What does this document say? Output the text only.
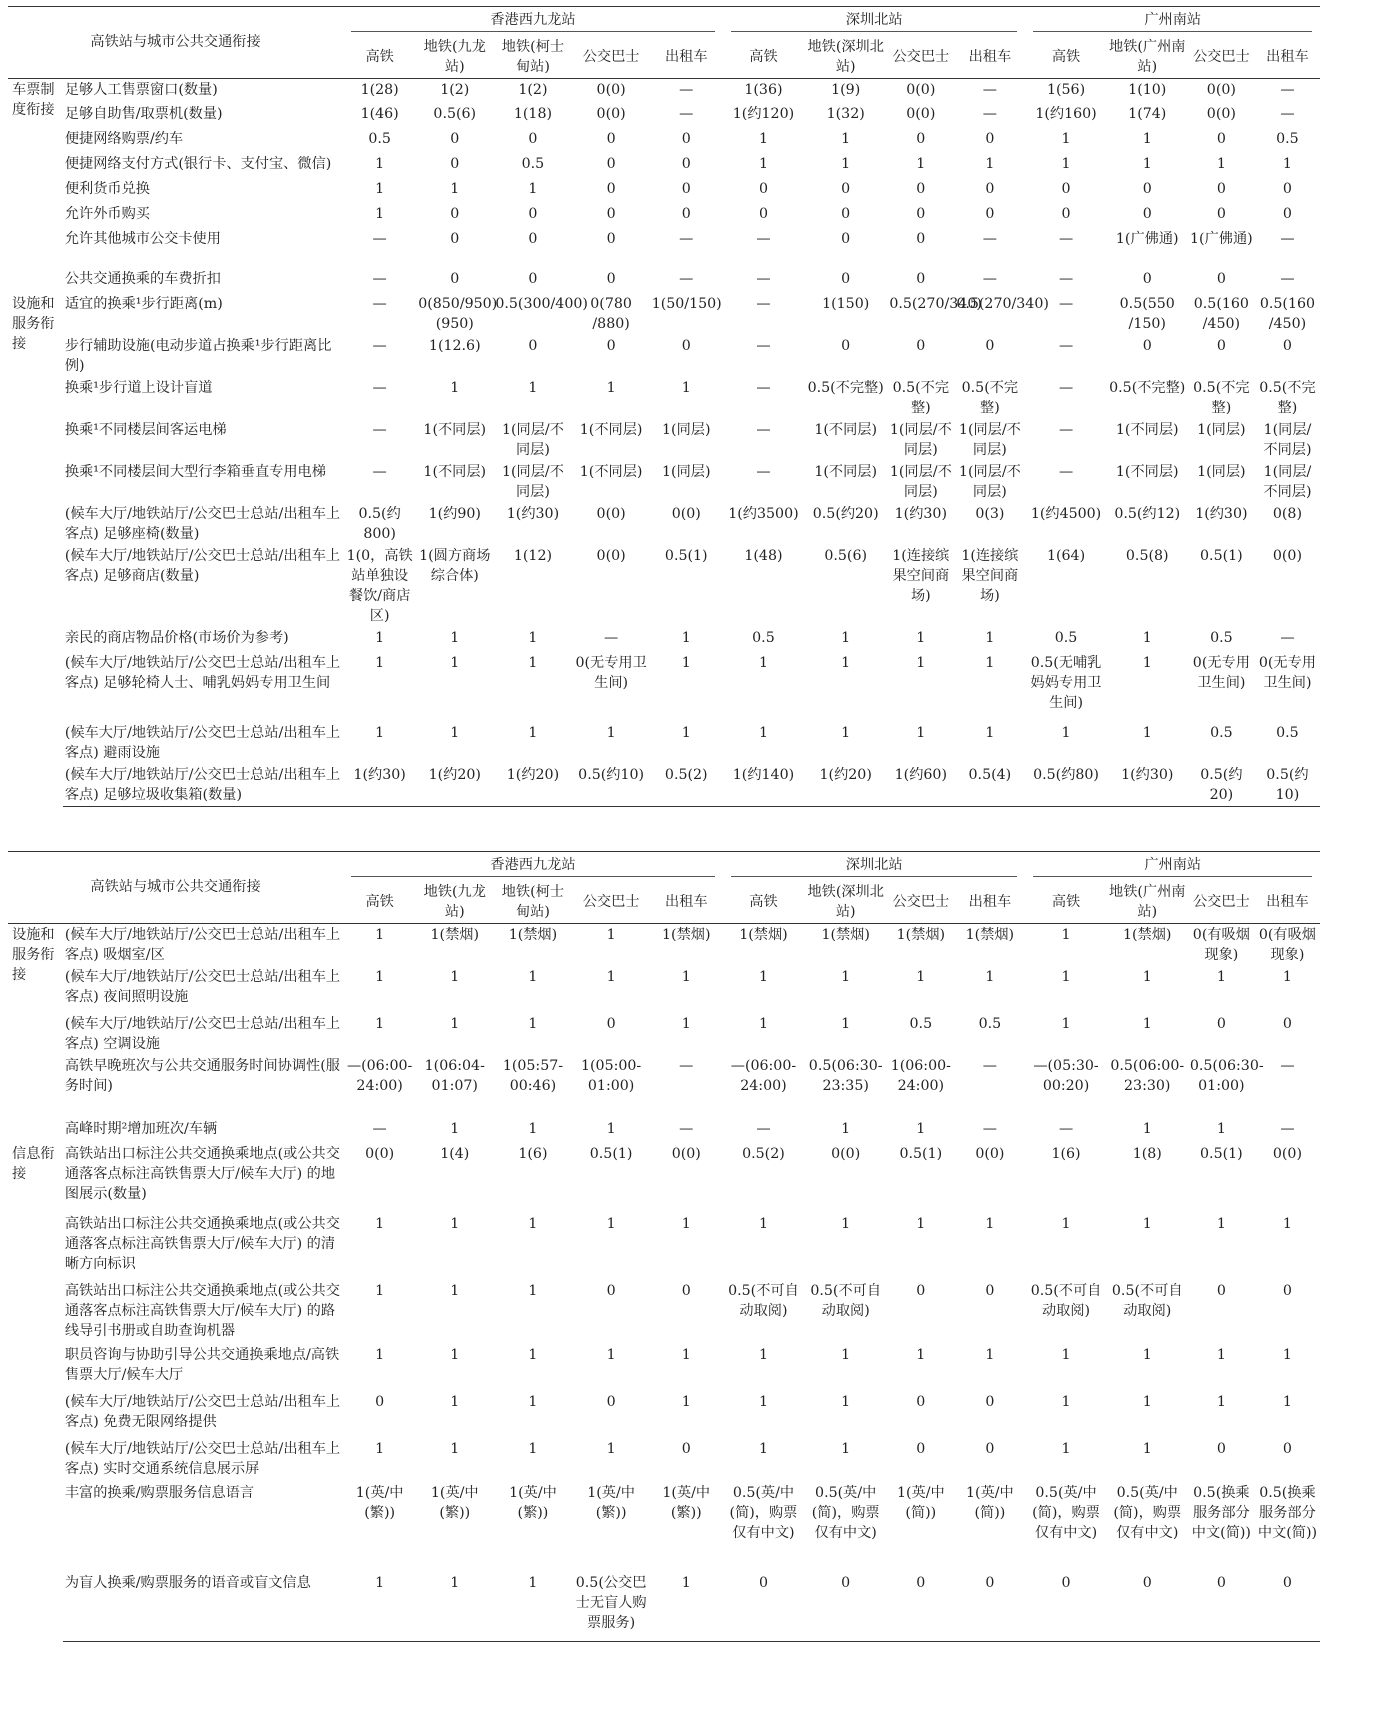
高铁站与城市公共交通衔接		香港西九龙站					深圳北站				广州南站			

		高铁	地铁(九龙站)	地铁(柯士甸站)	公交巴士	出租车	高铁	地铁(深圳北站)	公交巴士	出租车	高铁	地铁(广州南站)	公交巴士	出租车
车票制度衔接	足够人工售票窗口(数量)	1(28)	1(2)	1(2)	0(0)	—	1(36)	1(9)	0(0)	—	1(56)	1(10)	0(0)	—
	足够自助售/取票机(数量)	1(46)	0.5(6)	1(18)	0(0)	—	1(约120)	1(32)	0(0)	—	1(约160)	1(74)	0(0)	—
	便捷网络购票/约车	0.5	0	0	0	0	1	1	0	0	1	1	0	0.5
	便捷网络支付方式(银行卡、支付宝、微信)	1	0	0.5	0	0	1	1	1	1	1	1	1	1
	便利货币兑换	1	1	1	0	0	0	0	0	0	0	0	0	0
	允许外币购买	1	0	0	0	0	0	0	0	0	0	0	0	0
	允许其他城市公交卡使用	—	0	0	0	—	—	0	0	—	—	1(广佛通)	1(广佛通)	—
	公共交通换乘的车费折扣	—	0	0	0	—	—	0	0	—	—	0	0	—
设施和服务衔接	适宜的换乘¹步行距离(m)	—	0(850/950)(950)	0.5(300/400)	0(780 /880)	1(50/150)	—	1(150)	0.5(270/340)	0.5(270/340)	—	0.5(550 /150)	0.5(160 /450)	0.5(160 /450)
	步行辅助设施(电动步道占换乘¹步行距离比例)	—	1(12.6)	0	0	0	—	0	0	0	—	0	0	0
	换乘¹步行道上设计盲道	—	1	1	1	1	—	0.5(不完整)	0.5(不完整)	0.5(不完整)	—	0.5(不完整)	0.5(不完整)	0.5(不完整)
	换乘¹不同楼层间客运电梯	—	1(不同层)	1(同层/不同层)	1(不同层)	1(同层)	—	1(不同层)	1(同层/不同层)	1(同层/不同层)	—	1(不同层)	1(同层)	1(同层/不同层)
	换乘¹不同楼层间大型行李箱垂直专用电梯	—	1(不同层)	1(同层/不同层)	1(不同层)	1(同层)	—	1(不同层)	1(同层/不同层)	1(同层/不同层)	—	1(不同层)	1(同层)	1(同层/不同层)
	(候车大厅/地铁站厅/公交巴士总站/出租车上客点) 足够座椅(数量)	0.5(约800)	1(约90)	1(约30)	0(0)	0(0)	1(约3500)	0.5(约20)	1(约30)	0(3)	1(约4500)	0.5(约12)	1(约30)	0(8)
	(候车大厅/地铁站厅/公交巴士总站/出租车上客点) 足够商店(数量)	1(0，高铁站单独设餐饮/商店区)	1(圆方商场综合体)	1(12)	0(0)	0.5(1)	1(48)	0.5(6)	1(连接缤果空间商场)	1(连接缤果空间商场)	1(64)	0.5(8)	0.5(1)	0(0)
	亲民的商店物品价格(市场价为参考)	1	1	1	—	1	0.5	1	1	1	0.5	1	0.5	—
	(候车大厅/地铁站厅/公交巴士总站/出租车上客点) 足够轮椅人士、哺乳妈妈专用卫生间	1	1	1	0(无专用卫生间)	1	1	1	1	1	0.5(无哺乳妈妈专用卫生间)	1	0(无专用卫生间)	0(无专用卫生间)
	(候车大厅/地铁站厅/公交巴士总站/出租车上客点) 避雨设施	1	1	1	1	1	1	1	1	1	1	1	0.5	0.5
	(候车大厅/地铁站厅/公交巴士总站/出租车上客点) 足够垃圾收集箱(数量)	1(约30)	1(约20)	1(约20)	0.5(约10)	0.5(2)	1(约140)	1(约20)	1(约60)	0.5(4)	0.5(约80)	1(约30)	0.5(约20)	0.5(约10)
高铁站与城市公共交通衔接		香港西九龙站					深圳北站				广州南站			

		高铁	地铁(九龙站)	地铁(柯士甸站)	公交巴士	出租车	高铁	地铁(深圳北站)	公交巴士	出租车	高铁	地铁(广州南站)	公交巴士	出租车
设施和服务衔接	(候车大厅/地铁站厅/公交巴士总站/出租车上客点) 吸烟室/区	1	1(禁烟)	1(禁烟)	1	1(禁烟)	1(禁烟)	1(禁烟)	1(禁烟)	1(禁烟)	1	1(禁烟)	0(有吸烟现象)	0(有吸烟现象)
	(候车大厅/地铁站厅/公交巴士总站/出租车上客点) 夜间照明设施	1	1	1	1	1	1	1	1	1	1	1	1	1
	(候车大厅/地铁站厅/公交巴士总站/出租车上客点) 空调设施	1	1	1	0	1	1	1	0.5	0.5	1	1	0	0
	高铁早晚班次与公共交通服务时间协调性(服务时间)	—(06:00-24:00)	1(06:04-01:07)	1(05:57-00:46)	1(05:00-01:00)	—	—(06:00-24:00)	0.5(06:30-23:35)	1(06:00-24:00)	—	—(05:30-00:20)	0.5(06:00-23:30)	0.5(06:30-01:00)	—
	高峰时期²增加班次/车辆	—	1	1	1	—	—	1	1	—	—	1	1	—
信息衔接	高铁站出口标注公共交通换乘地点(或公共交通落客点标注高铁售票大厅/候车大厅) 的地图展示(数量)	0(0)	1(4)	1(6)	0.5(1)	0(0)	0.5(2)	0(0)	0.5(1)	0(0)	1(6)	1(8)	0.5(1)	0(0)
	高铁站出口标注公共交通换乘地点(或公共交通落客点标注高铁售票大厅/候车大厅) 的清晰方向标识	1	1	1	1	1	1	1	1	1	1	1	1	1
	高铁站出口标注公共交通换乘地点(或公共交通落客点标注高铁售票大厅/候车大厅) 的路线导引书册或自助查询机器	1	1	1	0	0	0.5(不可自动取阅)	0.5(不可自动取阅)	0	0	0.5(不可自动取阅)	0.5(不可自动取阅)	0	0
	职员咨询与协助引导公共交通换乘地点/高铁售票大厅/候车大厅	1	1	1	1	1	1	1	1	1	1	1	1	1
	(候车大厅/地铁站厅/公交巴士总站/出租车上客点) 免费无限网络提供	0	1	1	0	1	1	1	0	0	1	1	1	1
	(候车大厅/地铁站厅/公交巴士总站/出租车上客点) 实时交通系统信息展示屏	1	1	1	1	0	1	1	0	0	1	1	0	0
	丰富的换乘/购票服务信息语言	1(英/中(繁))	1(英/中(繁))	1(英/中(繁))	1(英/中(繁))	1(英/中(繁))	0.5(英/中(简)，购票仅有中文)	0.5(英/中(简)，购票仅有中文)	1(英/中(简))	1(英/中(简))	0.5(英/中(简)，购票仅有中文)	0.5(英/中(简)，购票仅有中文)	0.5(换乘服务部分中文(简))	0.5(换乘服务部分中文(简))
	为盲人换乘/购票服务的语音或盲文信息	1	1	1	0.5(公交巴士无盲人购票服务)	1	0	0	0	0	0	0	0	0
